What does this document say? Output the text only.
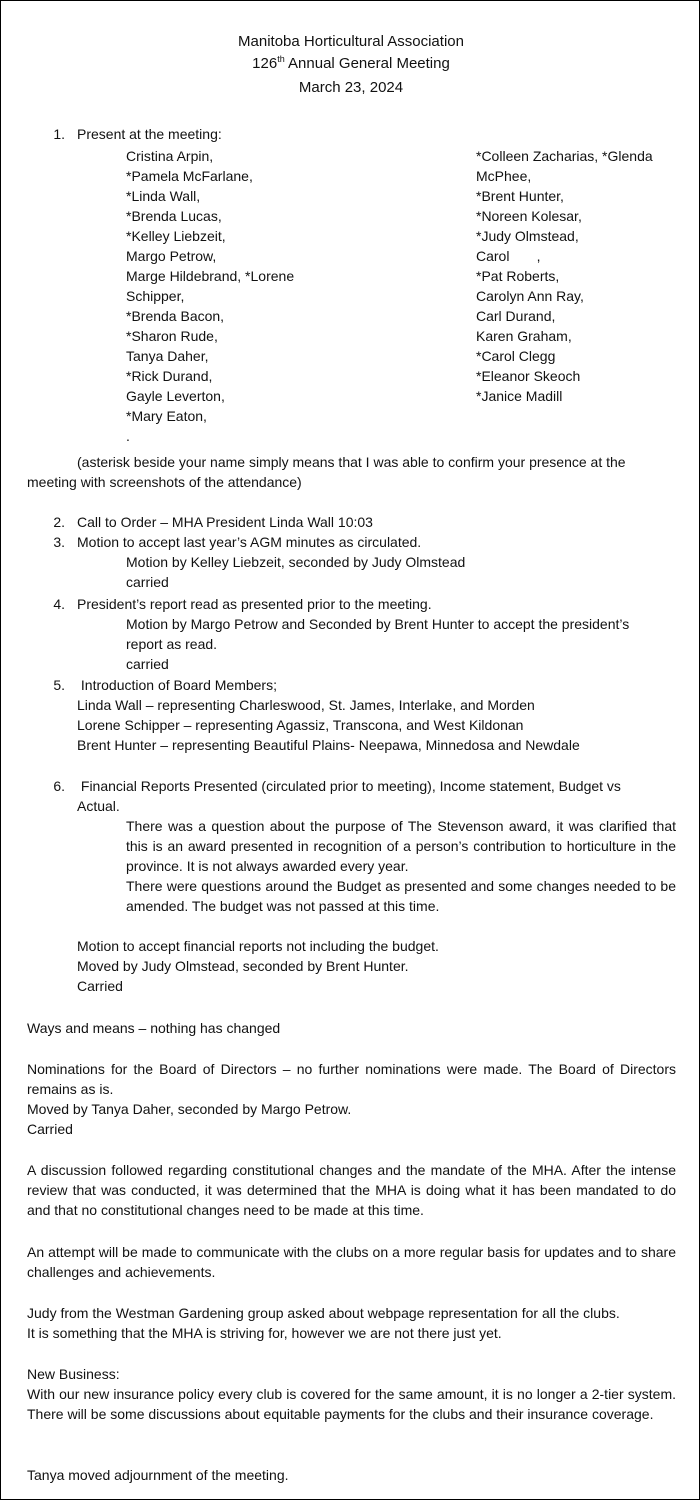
Manitoba Horticultural Association
126th Annual General Meeting
March 23, 2024
1. Present at the meeting:
Cristina Arpin,
*Pamela McFarlane,
*Linda Wall,
*Brenda Lucas,
*Kelley Liebzeit,
Margo Petrow,
Marge Hildebrand, *Lorene
Schipper,
*Brenda Bacon,
*Sharon Rude,
Tanya Daher,
*Rick Durand,
Gayle Leverton,
*Mary Eaton,
.
*Colleen Zacharias, *Glenda
McPhee,
*Brent Hunter,
*Noreen Kolesar,
*Judy Olmstead,
Carol       ,
*Pat Roberts,
Carolyn Ann Ray,
Carl Durand,
Karen Graham,
*Carol Clegg
*Eleanor Skeoch
*Janice Madill
(asterisk beside your name simply means that I was able to confirm your presence at the
meeting with screenshots of the attendance)
2. Call to Order – MHA President Linda Wall 10:03
3. Motion to accept last year’s AGM minutes as circulated.
Motion by Kelley Liebzeit, seconded by Judy Olmstead
carried
4. President’s report read as presented prior to the meeting.
Motion by Margo Petrow and Seconded by Brent Hunter to accept the president’s
report as read.
carried
5. Introduction of Board Members;
Linda Wall – representing Charleswood, St. James, Interlake, and Morden
Lorene Schipper – representing Agassiz, Transcona, and West Kildonan
Brent Hunter – representing Beautiful Plains- Neepawa, Minnedosa and Newdale
6. Financial Reports Presented (circulated prior to meeting), Income statement, Budget vs
Actual.
There was a question about the purpose of The Stevenson award, it was clarified that this is an award presented in recognition of a person’s contribution to horticulture in the province. It is not always awarded every year.
There were questions around the Budget as presented and some changes needed to be amended. The budget was not passed at this time.
Motion to accept financial reports not including the budget.
Moved by Judy Olmstead, seconded by Brent Hunter.
Carried
Ways and means – nothing has changed
Nominations for the Board of Directors – no further nominations were made. The Board of Directors remains as is.
Moved by Tanya Daher, seconded by Margo Petrow.
Carried
A discussion followed regarding constitutional changes and the mandate of the MHA. After the intense review that was conducted, it was determined that the MHA is doing what it has been mandated to do and that no constitutional changes need to be made at this time.
An attempt will be made to communicate with the clubs on a more regular basis for updates and to share challenges and achievements.
Judy from the Westman Gardening group asked about webpage representation for all the clubs.
It is something that the MHA is striving for, however we are not there just yet.
New Business:
With our new insurance policy every club is covered for the same amount, it is no longer a 2-tier system. There will be some discussions about equitable payments for the clubs and their insurance coverage.
Tanya moved adjournment of the meeting.
